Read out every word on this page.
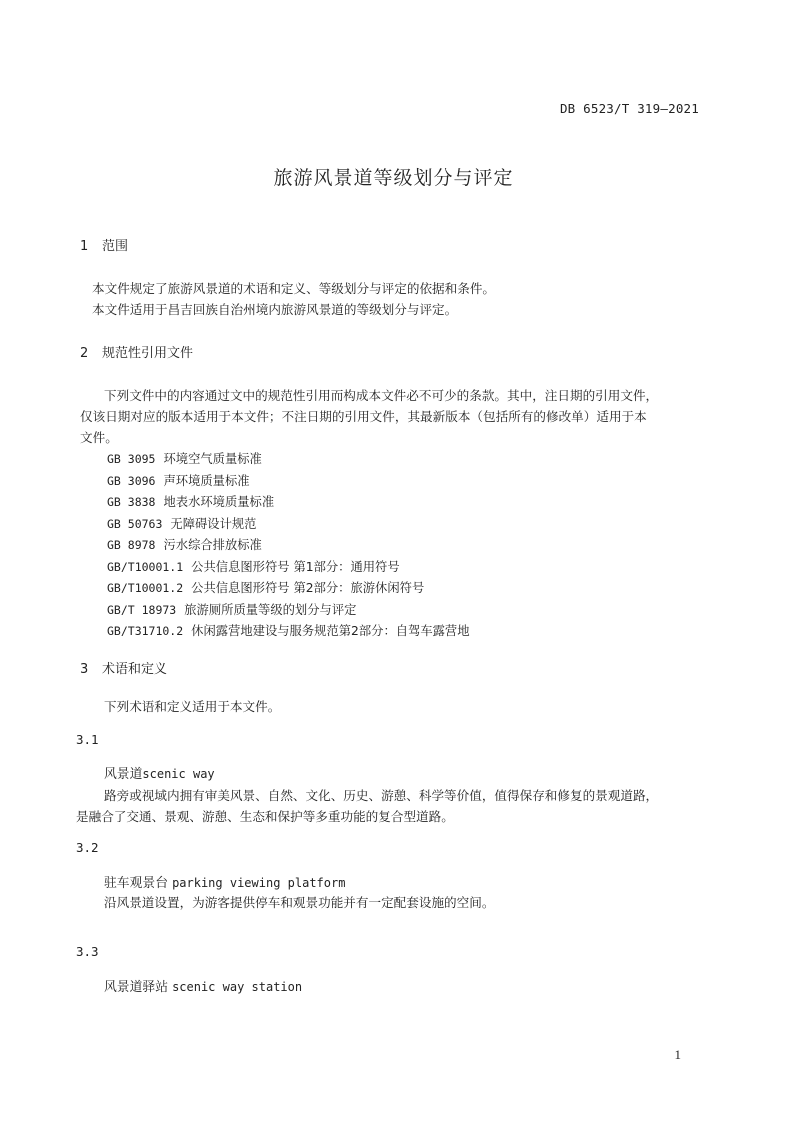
DB 6523/T 319—2021
旅游风景道等级划分与评定
1 范围
本文件规定了旅游风景道的术语和定义、等级划分与评定的依据和条件。
本文件适用于昌吉回族自治州境内旅游风景道的等级划分与评定。
2 规范性引用文件
下列文件中的内容通过文中的规范性引用而构成本文件必不可少的条款。其中，注日期的引用文件，
仅该日期对应的版本适用于本文件；不注日期的引用文件，其最新版本（包括所有的修改单）适用于本
文件。
GB 3095 环境空气质量标准
GB 3096 声环境质量标准
GB 3838 地表水环境质量标准
GB 50763 无障碍设计规范
GB 8978 污水综合排放标准
GB/T10001.1 公共信息图形符号 第1部分：通用符号
GB/T10001.2 公共信息图形符号 第2部分：旅游休闲符号
GB/T 18973 旅游厕所质量等级的划分与评定
GB/T31710.2 休闲露营地建设与服务规范第2部分：自驾车露营地
3 术语和定义
下列术语和定义适用于本文件。
3.1
风景道scenic way
路旁或视域内拥有审美风景、自然、文化、历史、游憩、科学等价值，值得保存和修复的景观道路，
是融合了交通、景观、游憩、生态和保护等多重功能的复合型道路。
3.2
驻车观景台 parking viewing platform
沿风景道设置，为游客提供停车和观景功能并有一定配套设施的空间。
3.3
风景道驿站 scenic way station
1
